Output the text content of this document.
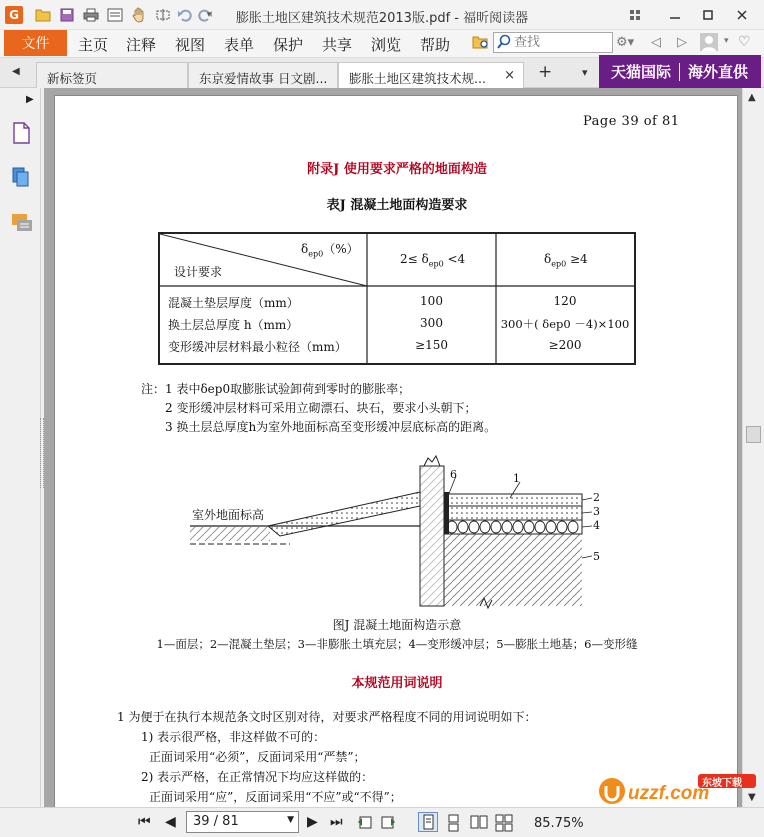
G	▾	膨胀土地区建筑技术规范2013版.pdf - 福昕阅读器
文件	主页 注释 视图 表单 保护 共享 浏览 帮助	⚙▾ ◁ ▷	▾ ♡
查找
◀	新标签页	东京爱情故事 日文剧...	膨胀土地区建筑技术规... × +	▾ 天猫国际 海外直供
▶
Page 39 of 81
附录J 使用要求严格的地面构造
表J 混凝土地面构造要求
$\delta_{ep0}(\%)$
设计要求
$2\le \delta_{ep0} <4$	$\delta_{ep0} \ge 4$
混凝土垫层厚度（mm）	100	120
换土层总厚度 h（mm）	300	300＋( δep0 －4)×100
变形缓冲层材料最小粒径（mm）	≥150	≥200
注：1 表中δep0取膨胀试验卸荷到零时的膨胀率；
2 变形缓冲层材料可采用立砌漂石、块石，要求小头朝下；
3 换土层总厚度h为室外地面标高至变形缓冲层底标高的距离。
室外地面标高
6	1
2
3
4
5
图J 混凝土地面构造示意
1—面层；2—混凝土垫层；3—非膨胀土填充层；4—变形缓冲层；5—膨胀土地基；6—变形缝
本规范用词说明
1 为便于在执行本规范条文时区别对待，对要求严格程度不同的用词说明如下：
1) 表示很严格，非这样做不可的：
正面词采用“必须”，反面词采用“严禁”；
2) 表示严格，在正常情况下均应这样做的：
正面词采用“应”，反面词采用“不应”或“不得”；
▲
▼
⏮ ◀	39 / 81	▼ ▶ ⏭	85.75%
uzzf.com
东坡下载
